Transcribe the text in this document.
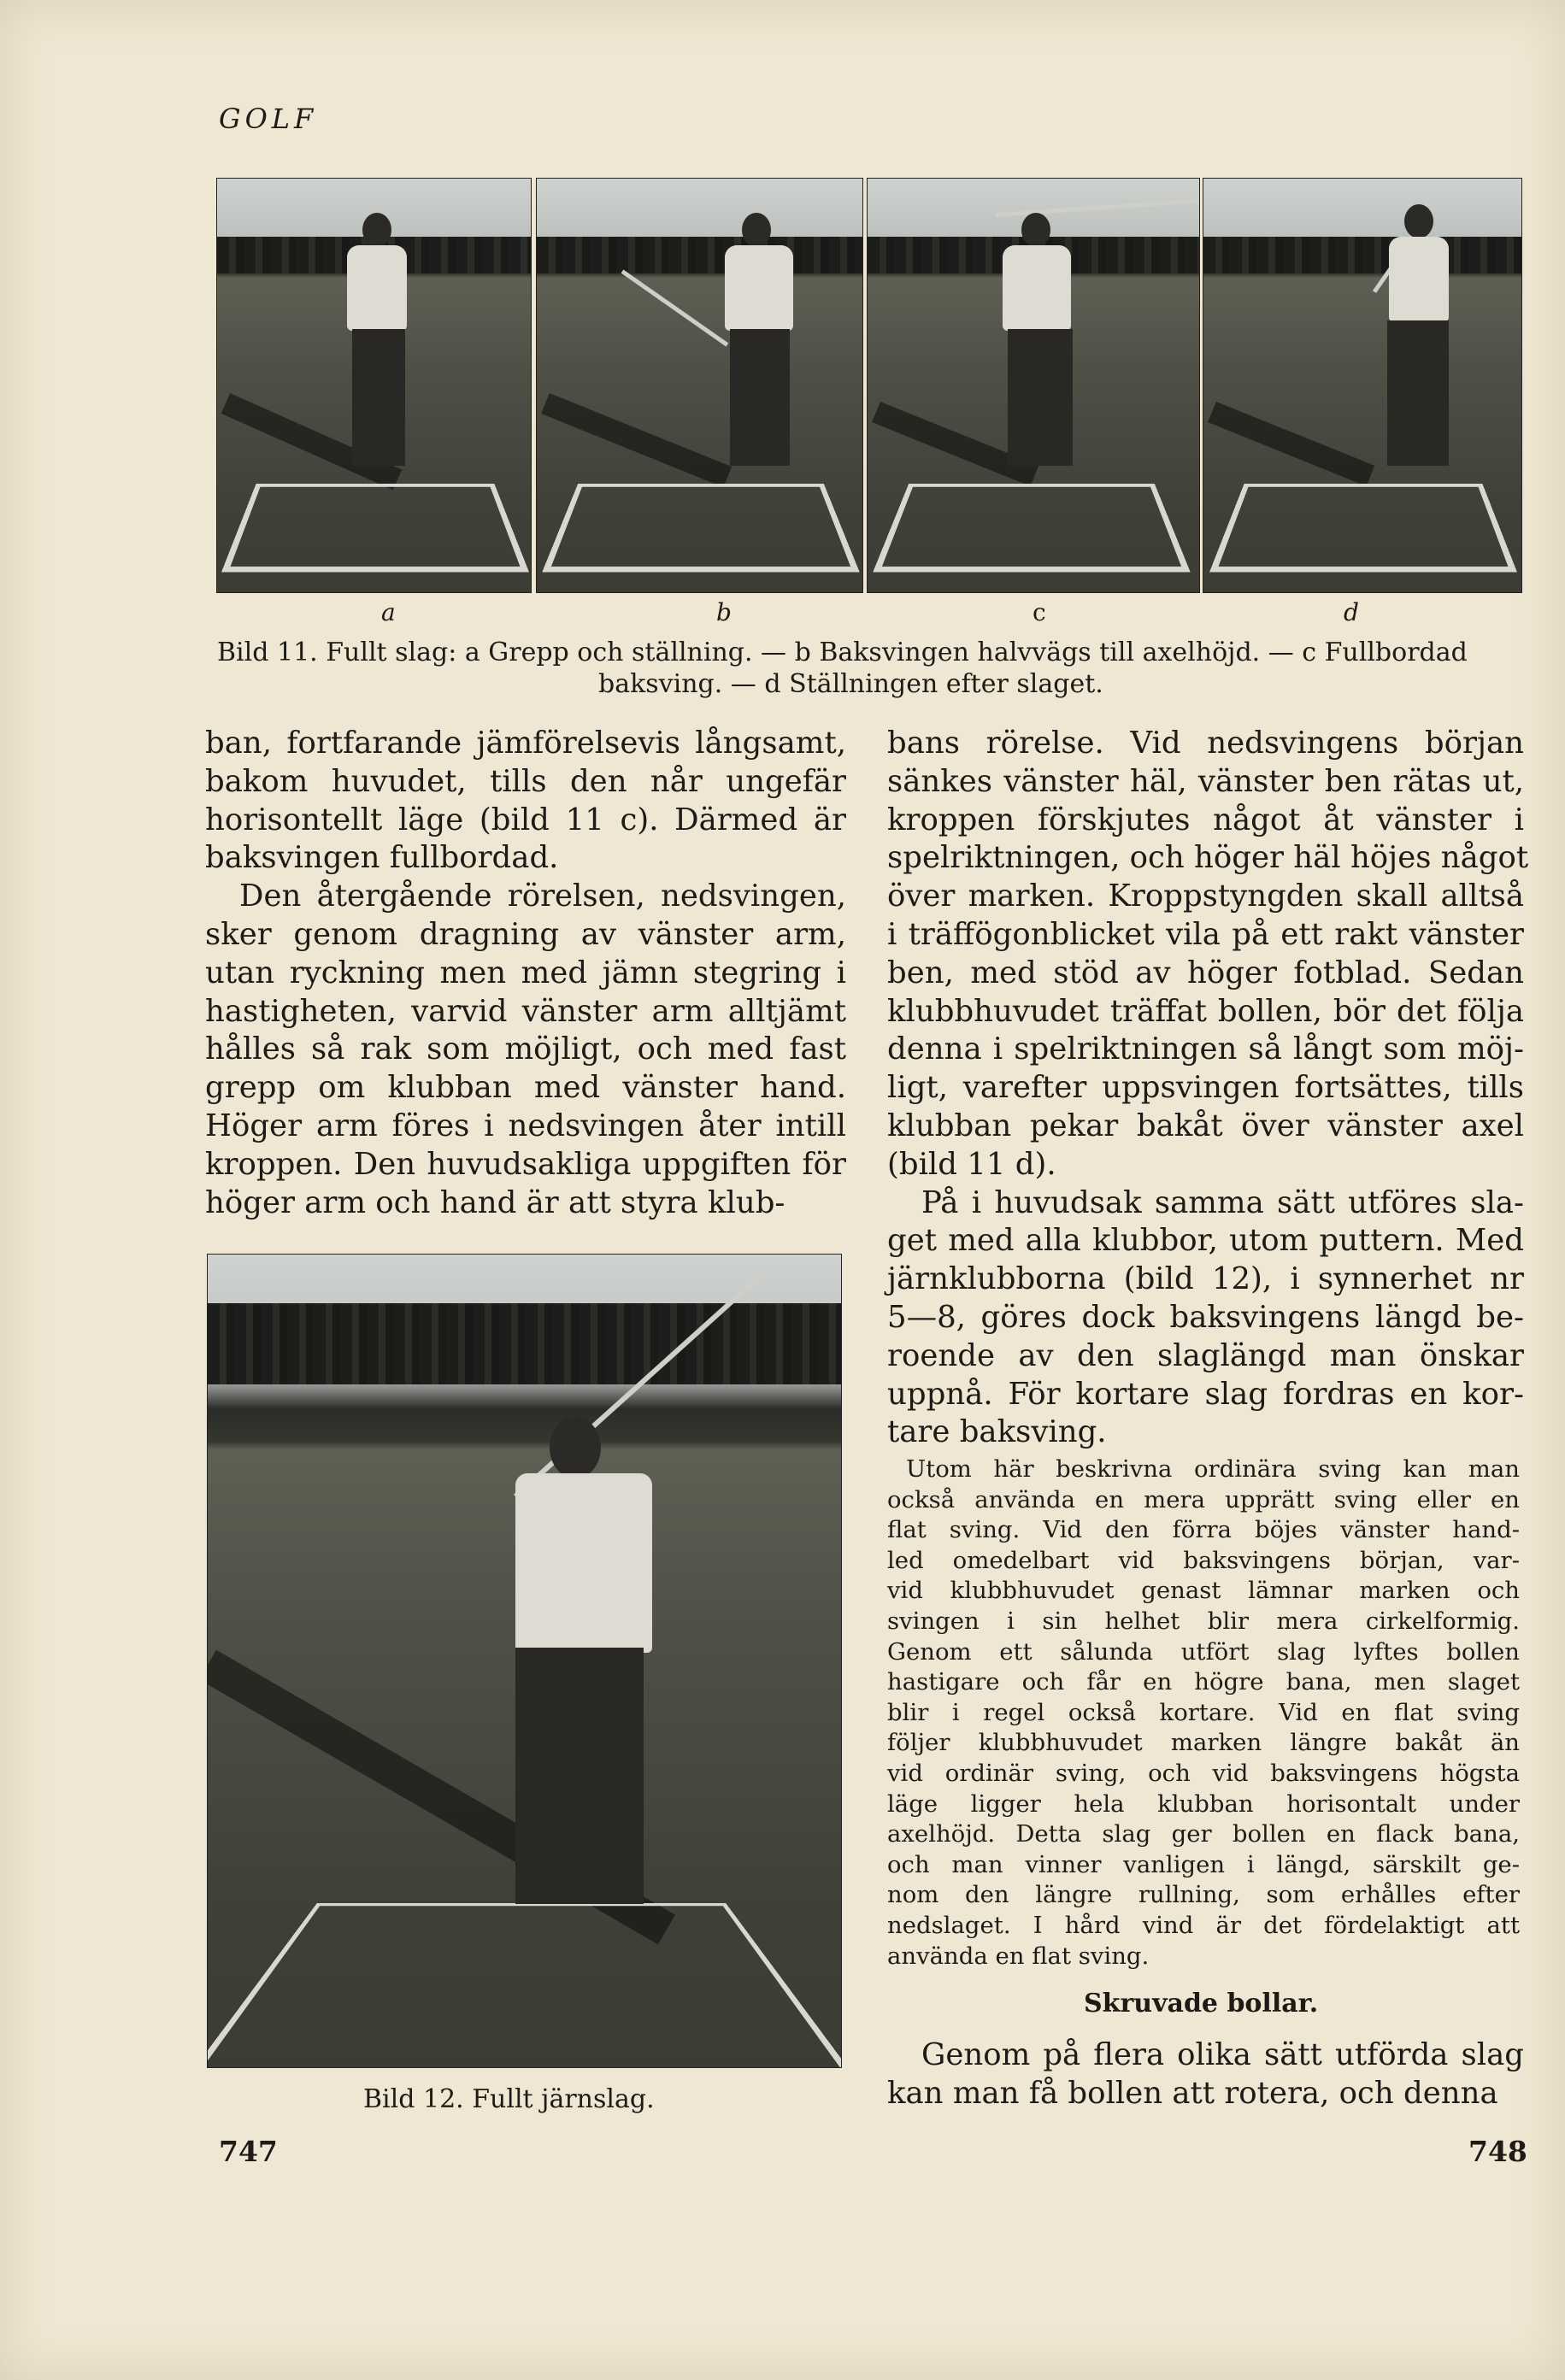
GOLF
a	b	c	d
Bild 11. Fullt slag: a Grepp och ställning. — b Baksvingen halvvägs till axelhöjd. — c Fullbordad
baksving. — d Ställningen efter slaget.
ban, fortfarande jämförelsevis långsamt,
bakom huvudet, tills den når ungefär
horisontellt läge (bild 11 c). Därmed är
baksvingen fullbordad.
Den återgående rörelsen, nedsvingen,
sker genom dragning av vänster arm,
utan ryckning men med jämn stegring i
hastigheten, varvid vänster arm alltjämt
hålles så rak som möjligt, och med fast
grepp om klubban med vänster hand.
Höger arm föres i nedsvingen åter intill
kroppen. Den huvudsakliga uppgiften för
höger arm och hand är att styra klub-
Bild 12. Fullt järnslag.
bans rörelse. Vid nedsvingens början
sänkes vänster häl, vänster ben rätas ut,
kroppen förskjutes något åt vänster i
spelriktningen, och höger häl höjes något
över marken. Kroppstyngden skall alltså
i träffögonblicket vila på ett rakt vänster
ben, med stöd av höger fotblad. Sedan
klubbhuvudet träffat bollen, bör det följa
denna i spelriktningen så långt som möj-
ligt, varefter uppsvingen fortsättes, tills
klubban pekar bakåt över vänster axel
(bild 11 d).
På i huvudsak samma sätt utföres sla-
get med alla klubbor, utom puttern. Med
järnklubborna (bild 12), i synnerhet nr
5—8, göres dock baksvingens längd be-
roende av den slaglängd man önskar
uppnå. För kortare slag fordras en kor-
tare baksving.
Utom här beskrivna ordinära sving kan man
också använda en mera upprätt sving eller en
flat sving. Vid den förra böjes vänster hand-
led omedelbart vid baksvingens början, var-
vid klubbhuvudet genast lämnar marken och
svingen i sin helhet blir mera cirkelformig.
Genom ett sålunda utfört slag lyftes bollen
hastigare och får en högre bana, men slaget
blir i regel också kortare. Vid en flat sving
följer klubbhuvudet marken längre bakåt än
vid ordinär sving, och vid baksvingens högsta
läge ligger hela klubban horisontalt under
axelhöjd. Detta slag ger bollen en flack bana,
och man vinner vanligen i längd, särskilt ge-
nom den längre rullning, som erhålles efter
nedslaget. I hård vind är det fördelaktigt att
använda en flat sving.
Skruvade bollar.
Genom på flera olika sätt utförda slag
kan man få bollen att rotera, och denna
747	748
